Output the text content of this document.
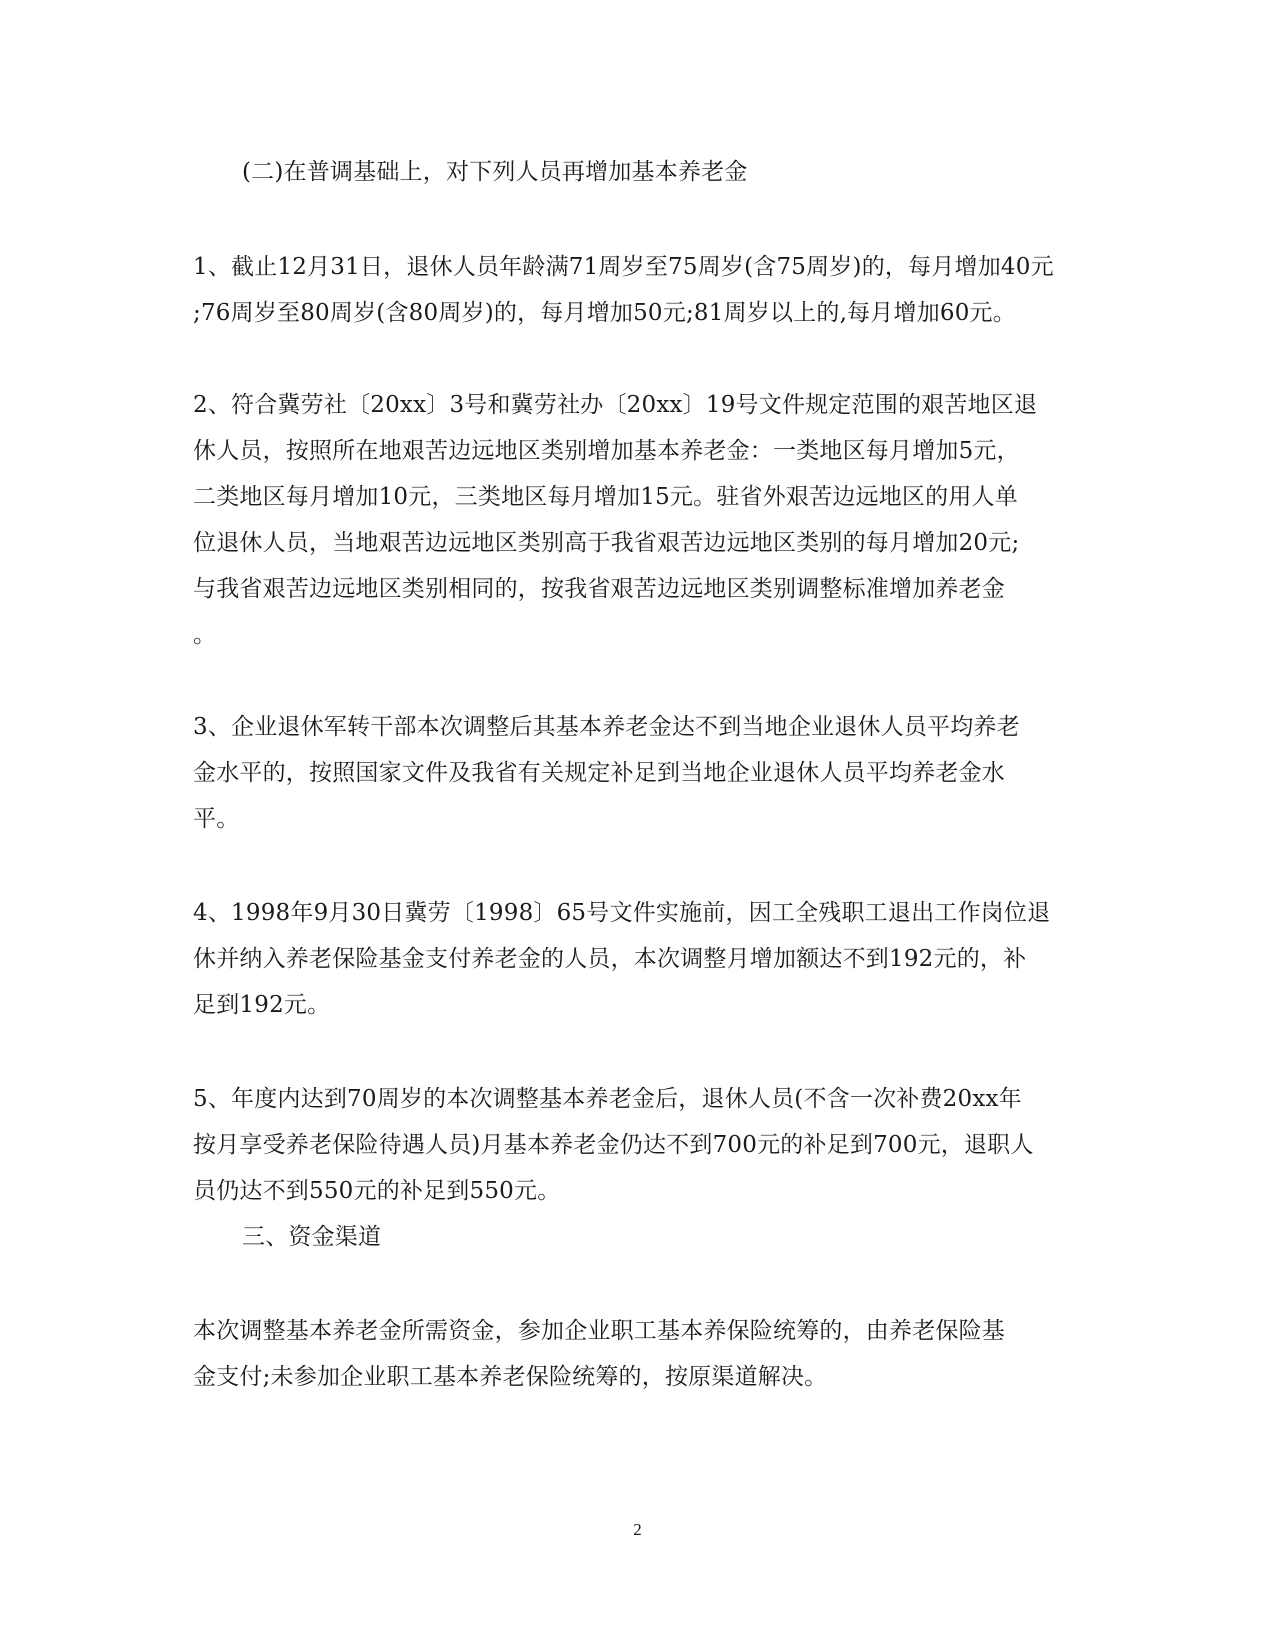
(二)在普调基础上，对下列人员再增加基本养老金
1、截止12月31日，退休人员年龄满71周岁至75周岁(含75周岁)的，每月增加40元
;76周岁至80周岁(含80周岁)的，每月增加50元;81周岁以上的,每月增加60元。
2、符合冀劳社〔20xx〕3号和冀劳社办〔20xx〕19号文件规定范围的艰苦地区退
休人员，按照所在地艰苦边远地区类别增加基本养老金：一类地区每月增加5元，
二类地区每月增加10元，三类地区每月增加15元。驻省外艰苦边远地区的用人单
位退休人员，当地艰苦边远地区类别高于我省艰苦边远地区类别的每月增加20元;
与我省艰苦边远地区类别相同的，按我省艰苦边远地区类别调整标准增加养老金
。
3、企业退休军转干部本次调整后其基本养老金达不到当地企业退休人员平均养老
金水平的，按照国家文件及我省有关规定补足到当地企业退休人员平均养老金水
平。
4、1998年9月30日冀劳〔1998〕65号文件实施前，因工全残职工退出工作岗位退
休并纳入养老保险基金支付养老金的人员，本次调整月增加额达不到192元的，补
足到192元。
5、年度内达到70周岁的本次调整基本养老金后，退休人员(不含一次补费20xx年
按月享受养老保险待遇人员)月基本养老金仍达不到700元的补足到700元，退职人
员仍达不到550元的补足到550元。
三、资金渠道
本次调整基本养老金所需资金，参加企业职工基本养保险统筹的，由养老保险基
金支付;未参加企业职工基本养老保险统筹的，按原渠道解决。
2
